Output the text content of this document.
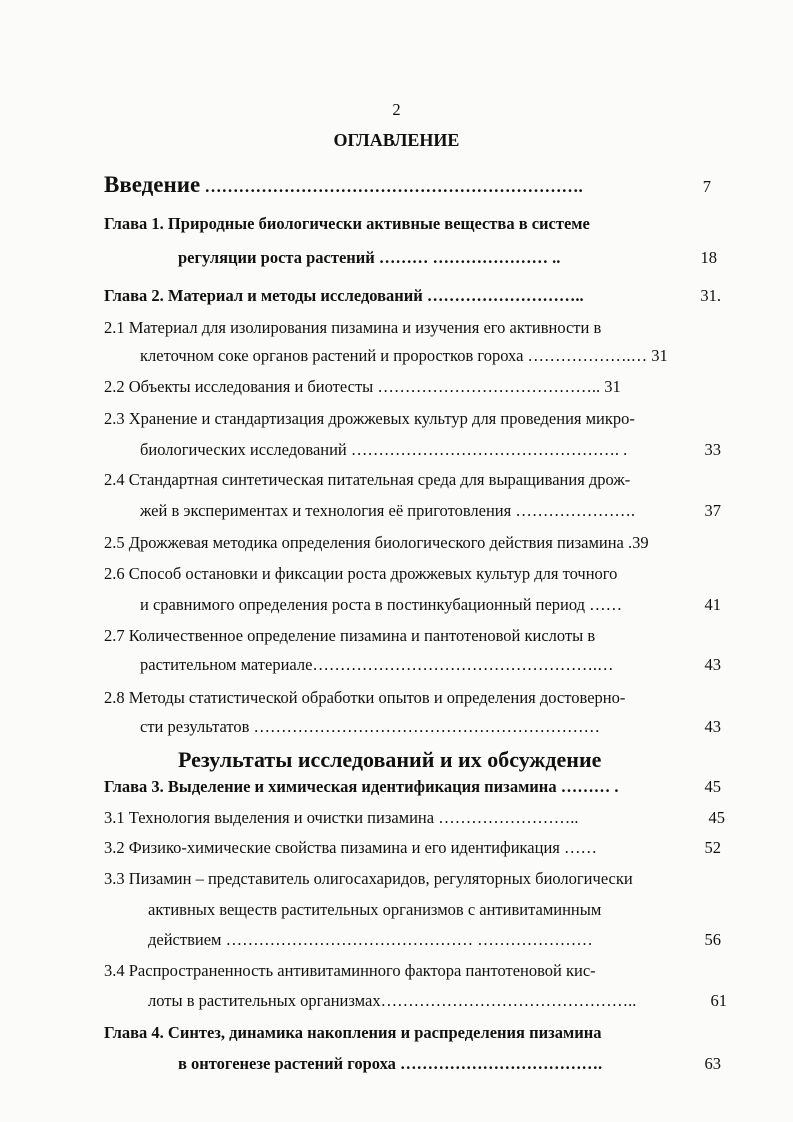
2
ОГЛАВЛЕНИЕ
Введение ………………………………………………………….	7
Глава 1. Природные биологически активные вещества в системе
регуляции роста растений ……… ………………… ..	18
Глава 2. Материал и методы исследований ………………………..	31.
2.1 Материал для изолирования пизамина и изучения его активности в
клеточном соке органов растений и проростков гороха ……………….… 31
2.2 Объекты исследования и биотесты ………………………………….. 31
2.3 Хранение и стандартизация дрожжевых культур для проведения микро-
биологических исследований …………………………………………. .	33
2.4 Стандартная синтетическая питательная среда для выращивания дрож-
жей в экспериментах и технология её приготовления ………………….	37
2.5 Дрожжевая методика определения биологического действия пизамина .39
2.6 Способ остановки и фиксации роста дрожжевых культур для точного
и сравнимого определения роста в постинкубационный период ……	41
2.7 Количественное определение пизамина и пантотеновой кислоты в
растительном материале…………………………………………….…	43
2.8 Методы статистической обработки опытов и определения достоверно-
сти результатов ………………………………………………………	43
Результаты исследований и их обсуждение
Глава 3. Выделение и химическая идентификация пизамина ……… .	45
3.1 Технология выделения и очистки пизамина ……………………..	45
3.2 Физико-химические свойства пизамина и его идентификация ……	52
3.3 Пизамин – представитель олигосахаридов, регуляторных биологически
активных веществ растительных организмов с антивитаминным
действием ……………………………………… …………………	56
3.4 Распространенность антивитаминного фактора пантотеновой кис-
лоты в растительных организмах………………………………………..	61
Глава 4. Синтез, динамика накопления и распределения пизамина
в онтогенезе растений гороха ……………………………….	63
